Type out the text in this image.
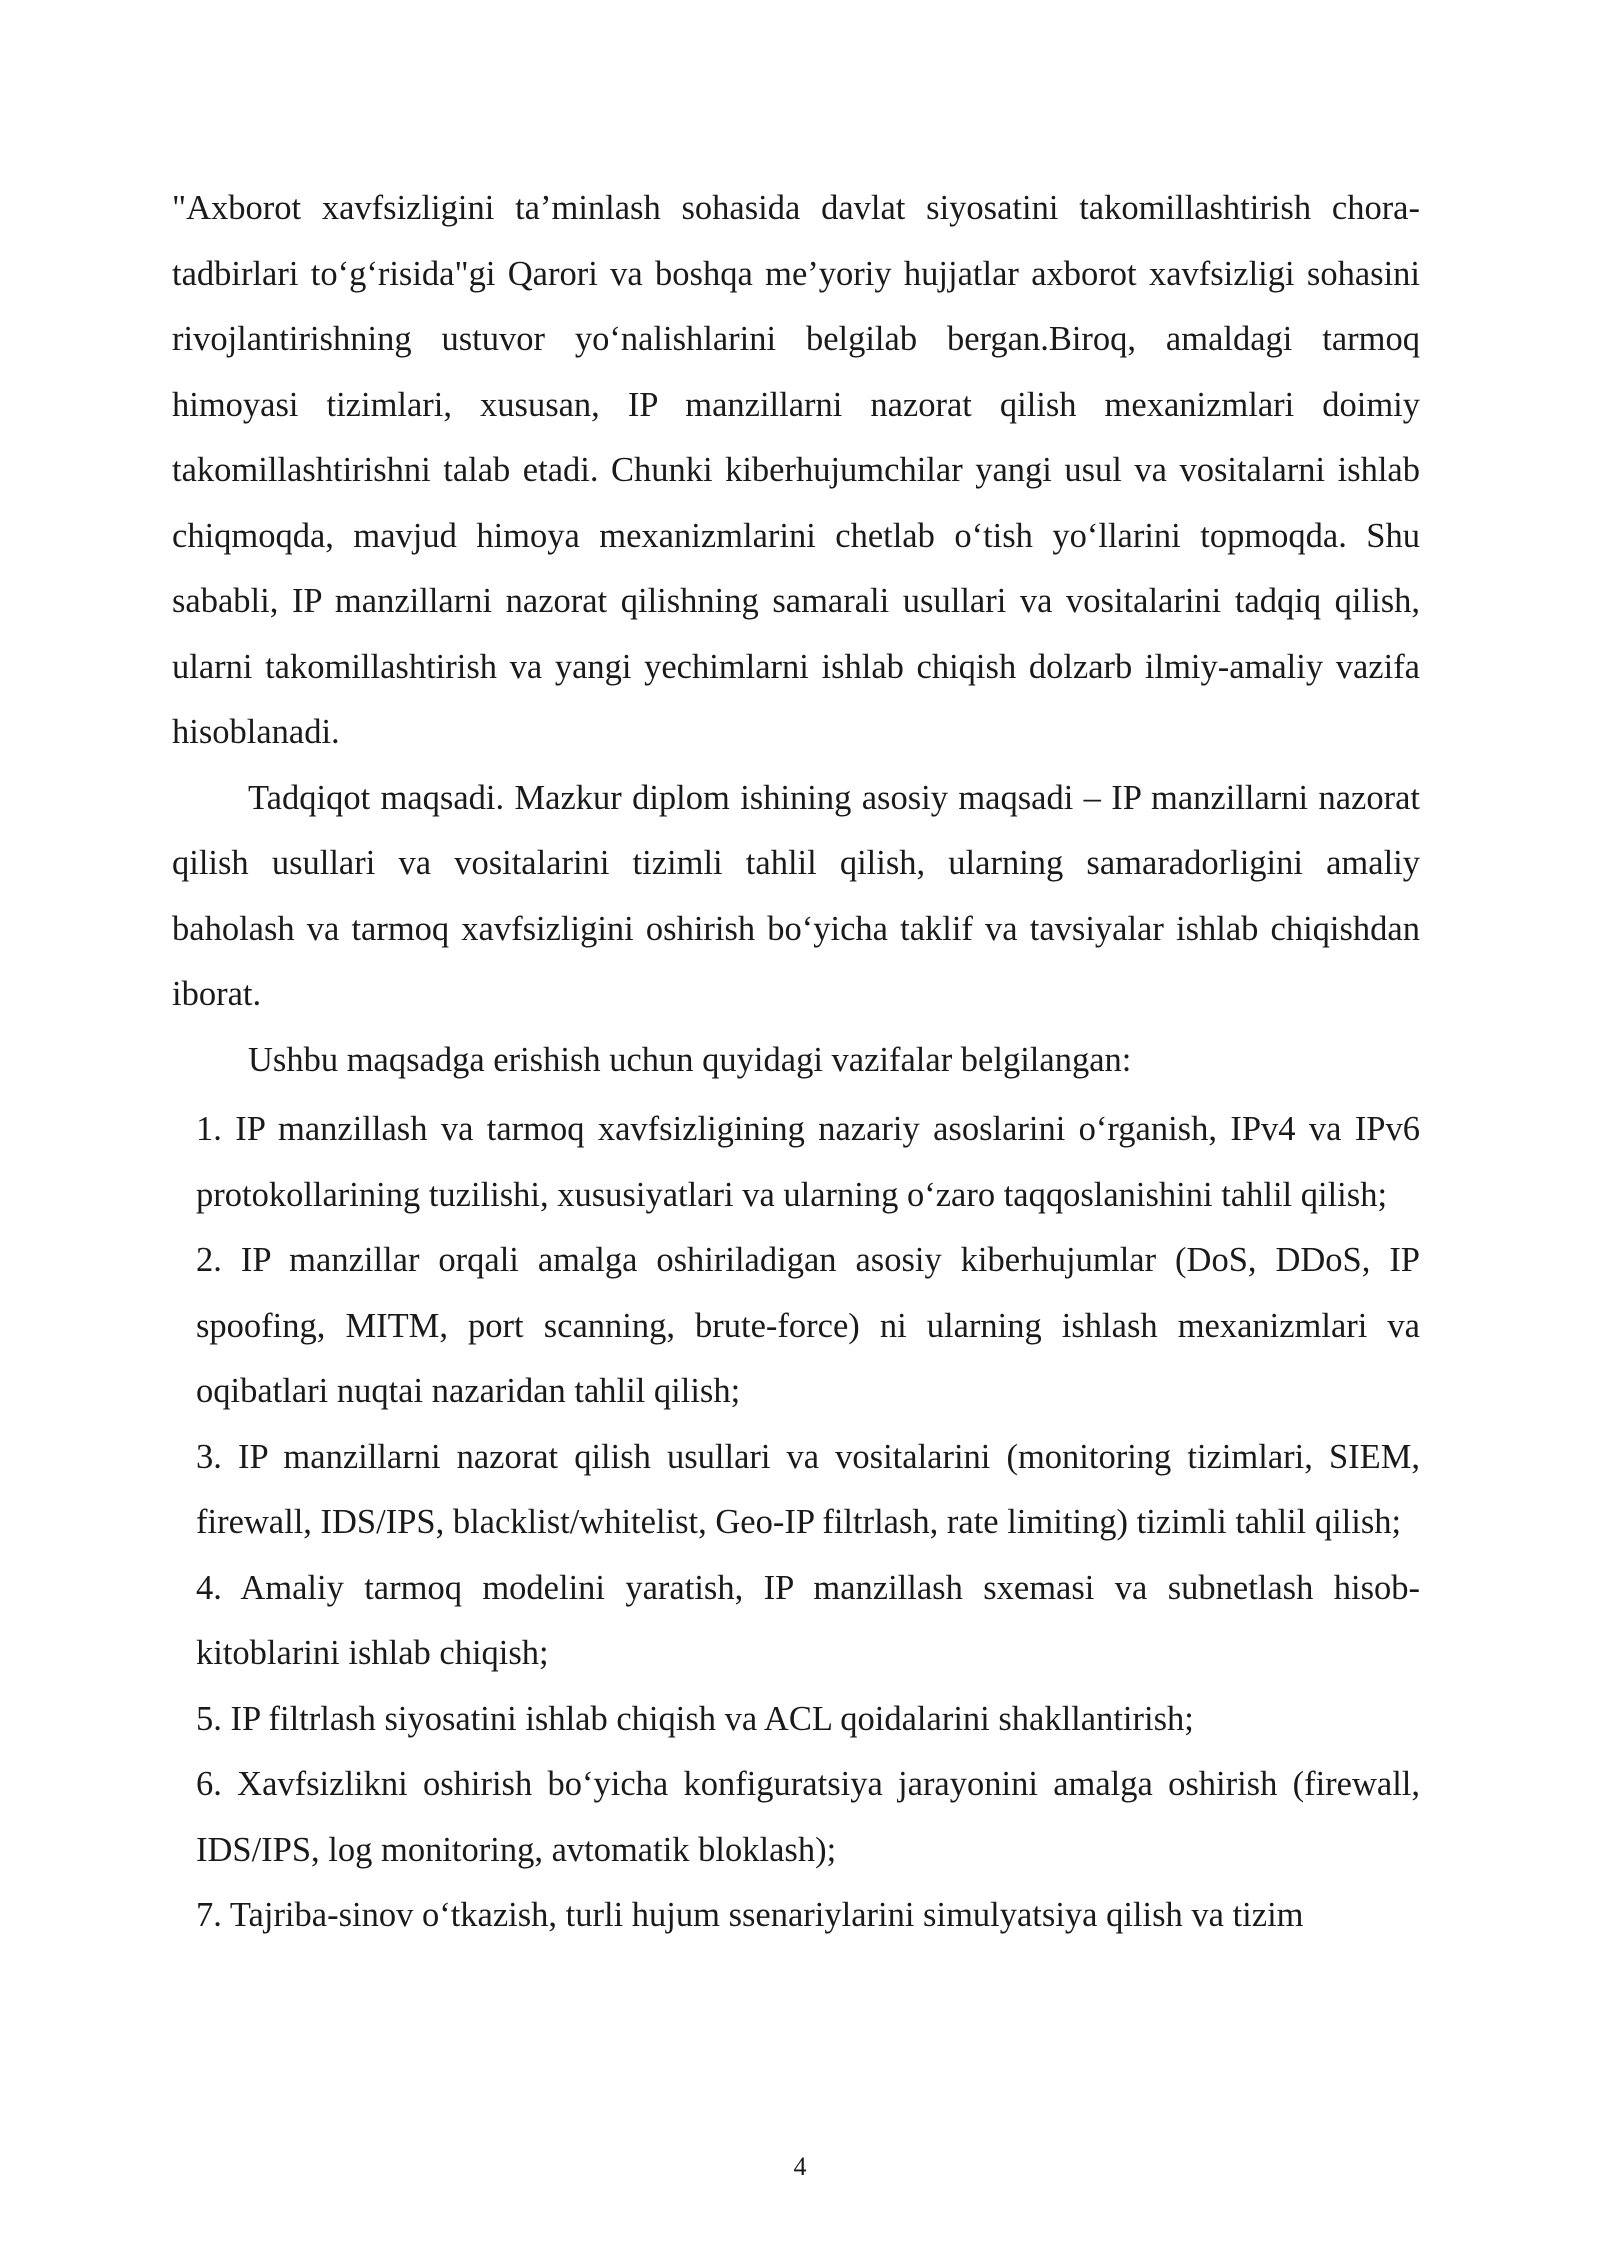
"Axborot xavfsizligini ta’minlash sohasida davlat siyosatini takomillashtirish chora-tadbirlari to‘g‘risida"gi Qarori va boshqa me’yoriy hujjatlar axborot xavfsizligi sohasini rivojlantirishning ustuvor yo‘nalishlarini belgilab bergan.Biroq, amaldagi tarmoq himoyasi tizimlari, xususan, IP manzillarni nazorat qilish mexanizmlari doimiy takomillashtirishni talab etadi. Chunki kiberhujumchilar yangi usul va vositalarni ishlab chiqmoqda, mavjud himoya mexanizmlarini chetlab o‘tish yo‘llarini topmoqda. Shu sababli, IP manzillarni nazorat qilishning samarali usullari va vositalarini tadqiq qilish, ularni takomillashtirish va yangi yechimlarni ishlab chiqish dolzarb ilmiy-amaliy vazifa hisoblanadi.

Tadqiqot maqsadi. Mazkur diplom ishining asosiy maqsadi – IP manzillarni nazorat qilish usullari va vositalarini tizimli tahlil qilish, ularning samaradorligini amaliy baholash va tarmoq xavfsizligini oshirish bo‘yicha taklif va tavsiyalar ishlab chiqishdan iborat.

Ushbu maqsadga erishish uchun quyidagi vazifalar belgilangan:

1. IP manzillash va tarmoq xavfsizligining nazariy asoslarini o‘rganish, IPv4 va IPv6 protokollarining tuzilishi, xususiyatlari va ularning o‘zaro taqqoslanishini tahlil qilish;
2. IP manzillar orqali amalga oshiriladigan asosiy kiberhujumlar (DoS, DDoS, IP spoofing, MITM, port scanning, brute-force) ni ularning ishlash mexanizmlari va oqibatlari nuqtai nazaridan tahlil qilish;
3. IP manzillarni nazorat qilish usullari va vositalarini (monitoring tizimlari, SIEM, firewall, IDS/IPS, blacklist/whitelist, Geo-IP filtrlash, rate limiting) tizimli tahlil qilish;
4. Amaliy tarmoq modelini yaratish, IP manzillash sxemasi va subnetlash hisob-kitoblarini ishlab chiqish;
5. IP filtrlash siyosatini ishlab chiqish va ACL qoidalarini shakllantirish;
6. Xavfsizlikni oshirish bo‘yicha konfiguratsiya jarayonini amalga oshirish (firewall, IDS/IPS, log monitoring, avtomatik bloklash);
7. Tajriba-sinov o‘tkazish, turli hujum ssenariylarini simulyatsiya qilish va tizim
4
